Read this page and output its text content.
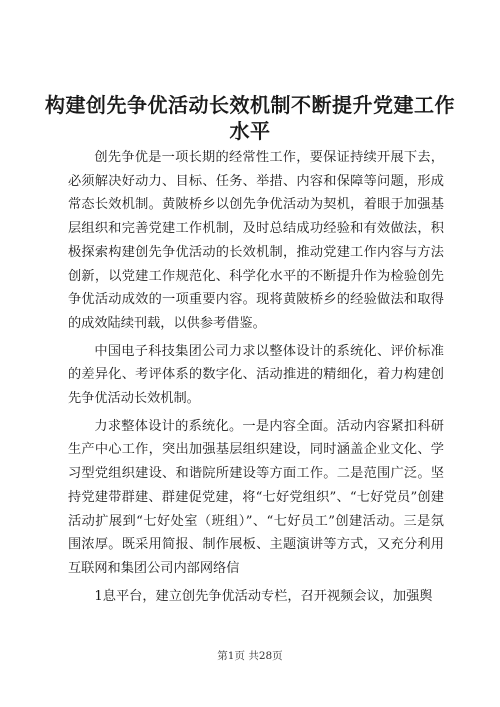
构建创先争优活动长效机制不断提升党建工作水平

创先争优是一项长期的经常性工作，要保证持续开展下去，必须解决好动力、目标、任务、举措、内容和保障等问题，形成常态长效机制。黄陂桥乡以创先争优活动为契机，着眼于加强基层组织和完善党建工作机制，及时总结成功经验和有效做法，积极探索构建创先争优活动的长效机制，推动党建工作内容与方法创新，以党建工作规范化、科学化水平的不断提升作为检验创先争优活动成效的一项重要内容。现将黄陂桥乡的经验做法和取得的成效陆续刊载，以供参考借鉴。

中国电子科技集团公司力求以整体设计的系统化、评价标准的差异化、考评体系的数字化、活动推进的精细化，着力构建创先争优活动长效机制。

力求整体设计的系统化。一是内容全面。活动内容紧扣科研生产中心工作，突出加强基层组织建设，同时涵盖企业文化、学习型党组织建设、和谐院所建设等方面工作。二是范围广泛。坚持党建带群建、群建促党建，将“七好党组织”、“七好党员”创建活动扩展到“七好处室（班组）”、“七好员工”创建活动。三是氛围浓厚。既采用简报、制作展板、主题演讲等方式，又充分利用互联网和集团公司内部网络信

1息平台，建立创先争优活动专栏，召开视频会议，加强舆

第1页 共28页
